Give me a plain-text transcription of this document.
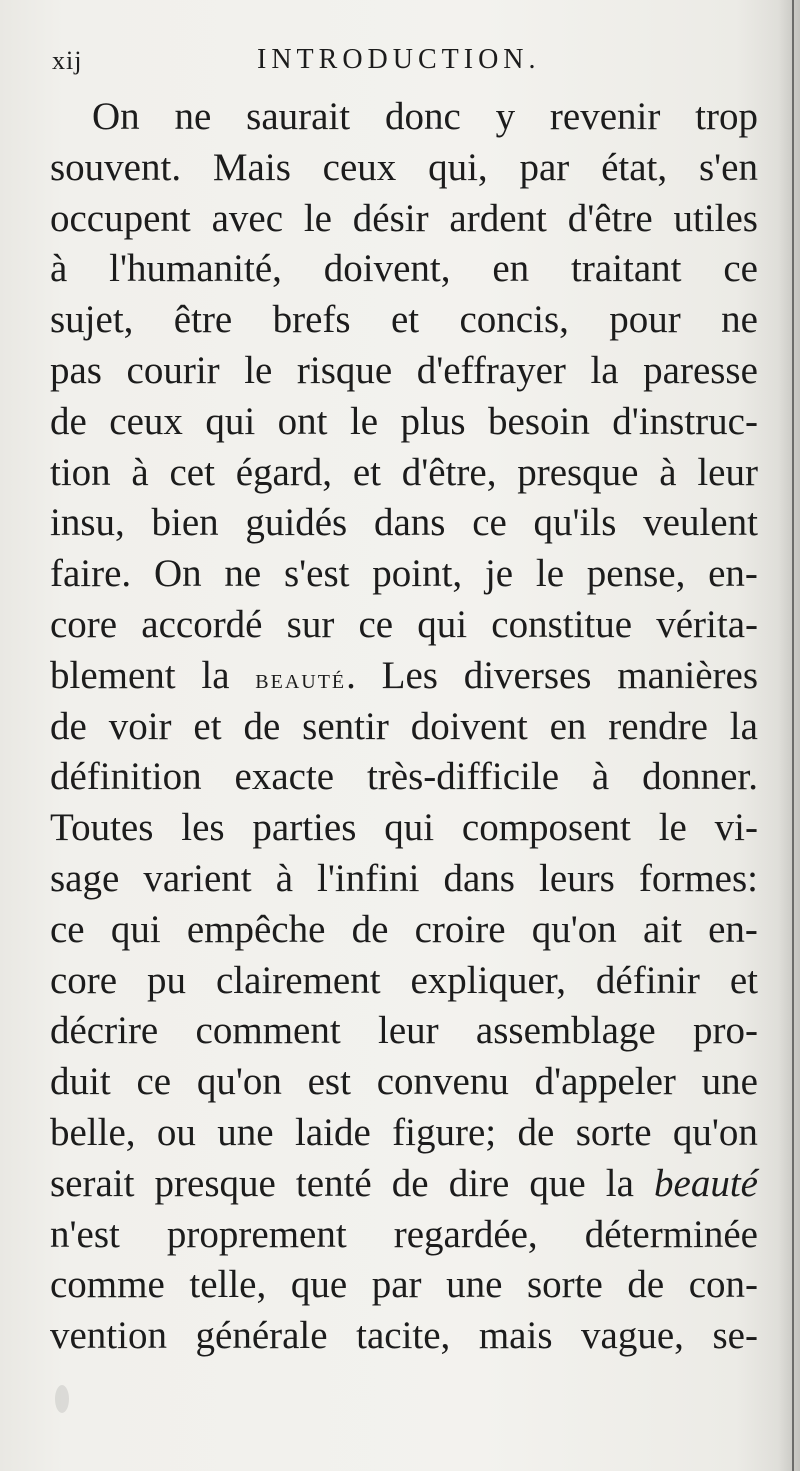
xij	INTRODUCTION.
On ne saurait donc y revenir trop
souvent. Mais ceux qui, par état, s'en
occupent avec le désir ardent d'être utiles
à l'humanité, doivent, en traitant ce
sujet, être brefs et concis, pour ne
pas courir le risque d'effrayer la paresse
de ceux qui ont le plus besoin d'instruc-
tion à cet égard, et d'être, presque à leur
insu, bien guidés dans ce qu'ils veulent
faire. On ne s'est point, je le pense, en-
core accordé sur ce qui constitue vérita-
blement la beauté. Les diverses manières
de voir et de sentir doivent en rendre la
définition exacte très-difficile à donner.
Toutes les parties qui composent le vi-
sage varient à l'infini dans leurs formes:
ce qui empêche de croire qu'on ait en-
core pu clairement expliquer, définir et
décrire comment leur assemblage pro-
duit ce qu'on est convenu d'appeler une
belle, ou une laide figure; de sorte qu'on
serait presque tenté de dire que la beauté
n'est proprement regardée, déterminée
comme telle, que par une sorte de con-
vention générale tacite, mais vague, se-
